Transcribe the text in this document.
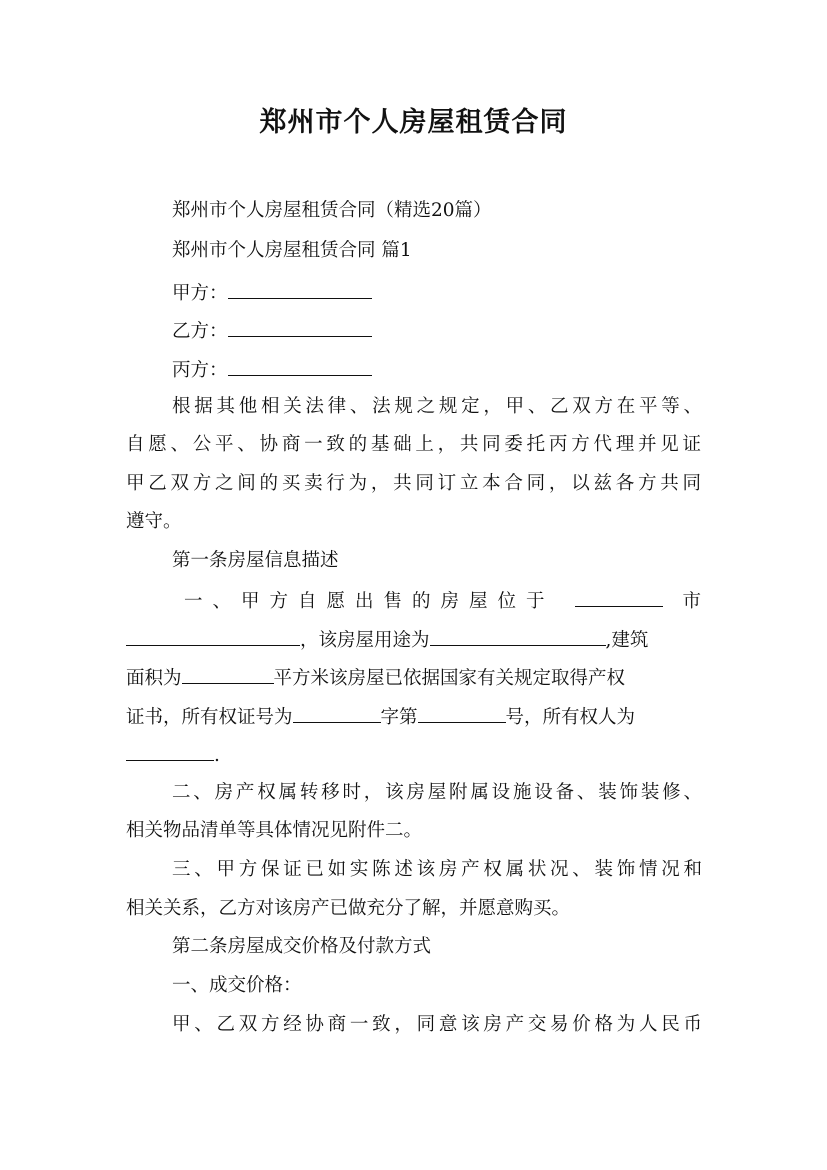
郑州市个人房屋租赁合同
郑州市个人房屋租赁合同（精选20篇）
郑州市个人房屋租赁合同 篇1
甲方：
乙方：
丙方：
根据其他相关法律、法规之规定，甲、乙双方在平等、
自愿、公平、协商一致的基础上，共同委托丙方代理并见证
甲乙双方之间的买卖行为，共同订立本合同，以兹各方共同
遵守。
第一条房屋信息描述
一、甲方自愿出售的房屋位于	市
，该房屋用途为	,建筑
面积为	平方米该房屋已依据国家有关规定取得产权
证书，所有权证号为	字第	号，所有权人为
.
二、房产权属转移时，该房屋附属设施设备、装饰装修、
相关物品清单等具体情况见附件二。
三、甲方保证已如实陈述该房产权属状况、装饰情况和
相关关系，乙方对该房产已做充分了解，并愿意购买。
第二条房屋成交价格及付款方式
一、成交价格：
甲、乙双方经协商一致，同意该房产交易价格为人民币
